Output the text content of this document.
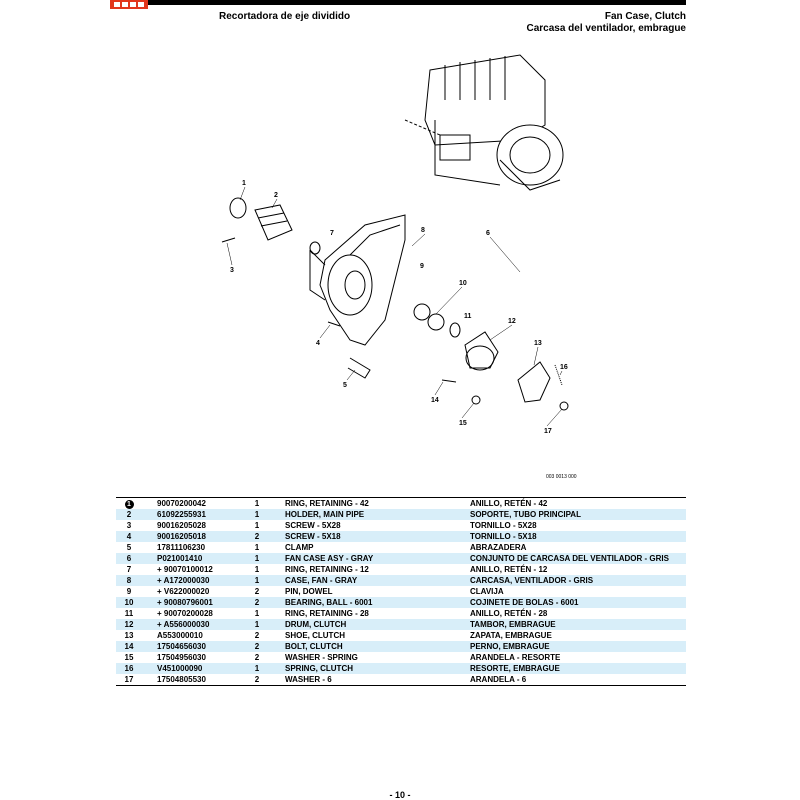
Recortadora de eje dividido	Fan Case, Clutch
Carcasa del ventilador, embrague
1
2
3
4
5
6
7	8
9
10
11
12
13
14
15
16
17
003 0013 000
1	90070200042	1	RING, RETAINING - 42	ANILLO, RETÉN - 42
2	61092255931	1	HOLDER, MAIN PIPE	SOPORTE, TUBO PRINCIPAL
3	90016205028	1	SCREW - 5X28	TORNILLO - 5X28
4	90016205018	2	SCREW - 5X18	TORNILLO - 5X18
5	17811106230	1	CLAMP	ABRAZADERA
6	P021001410	1	FAN CASE ASY - GRAY	CONJUNTO DE CARCASA DEL VENTILADOR - GRIS
7	+ 90070100012	1	RING, RETAINING - 12	ANILLO, RETÉN - 12
8	+ A172000030	1	CASE, FAN - GRAY	CARCASA, VENTILADOR - GRIS
9	+ V622000020	2	PIN, DOWEL	CLAVIJA
10	+ 90080796001	2	BEARING, BALL - 6001	COJINETE DE BOLAS - 6001
11	+ 90070200028	1	RING, RETAINING - 28	ANILLO, RETÉN - 28
12	+ A556000030	1	DRUM, CLUTCH	TAMBOR, EMBRAGUE
13	A553000010	2	SHOE, CLUTCH	ZAPATA, EMBRAGUE
14	17504656030	2	BOLT, CLUTCH	PERNO, EMBRAGUE
15	17504956030	2	WASHER - SPRING	ARANDELA - RESORTE
16	V451000090	1	SPRING, CLUTCH	RESORTE, EMBRAGUE
17	17504805530	2	WASHER - 6	ARANDELA - 6
- 10 -
